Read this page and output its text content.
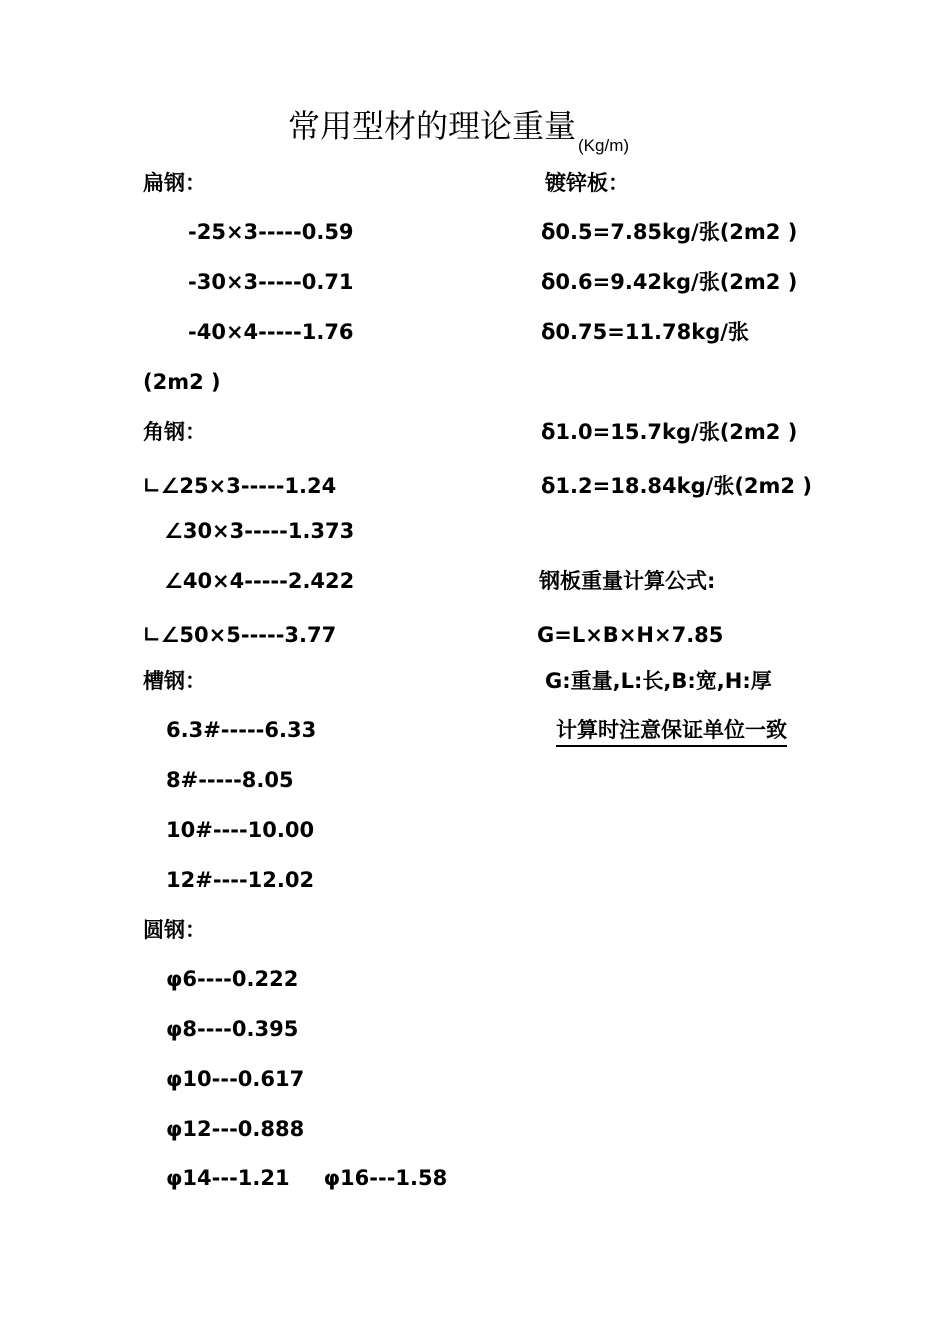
常用型材的理论重量$_{(Kg/m)}$
扁钢：
-25×3-----0.59
-30×3-----0.71
-40×4-----1.76
角钢：
∟∠25×3-----1.24
∠30×3-----1.373
∠40×4-----2.422
∟∠50×5-----3.77
槽钢：
6.3#-----6.33
8#-----8.05
10#----10.00
12#----12.02
圆钢：
φ6----0.222
φ8----0.395
φ10---0.617
φ12---0.888
φ14---1.21 φ16---1.58
(2m2 )
镀锌板：
δ0.5=7.85kg/张(2m2 )
δ0.6=9.42kg/张(2m2 )
δ0.75=11.78kg/张
δ1.0=15.7kg/张(2m2 )
δ1.2=18.84kg/张(2m2 )
钢板重量计算公式:
G=L×B×H×7.85
G:重量,L:长,B:宽,H:厚
计算时注意保证单位一致
